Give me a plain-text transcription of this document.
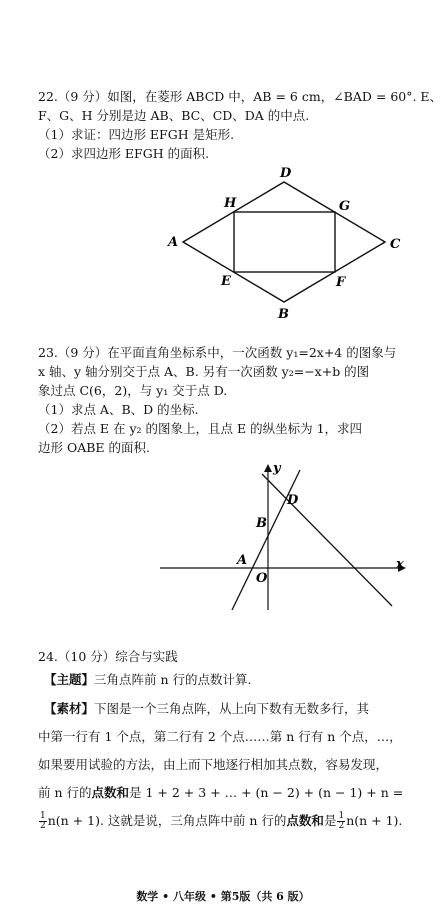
22.（9 分）如图，在菱形 ABCD 中，AB = 6 cm，∠BAD = 60°. E、
F、G、H 分别是边 AB、BC、CD、DA 的中点.
（1）求证：四边形 EFGH 是矩形.
（2）求四边形 EFGH 的面积.
D
H	G
A	C
E	F
B
23.（9 分）在平面直角坐标系中，一次函数 y₁=2x+4 的图象与
x 轴、y 轴分别交于点 A、B. 另有一次函数 y₂=−x+b 的图
象过点 C(6，2)，与 y₁ 交于点 D.
（1）求点 A、B、D 的坐标.
（2）若点 E 在 y₂ 的图象上，且点 E 的纵坐标为 1，求四
边形 OABE 的面积.
y
x
D
B
A
O
24.（10 分）综合与实践
【主题】三角点阵前 n 行的点数计算.
【素材】下图是一个三角点阵，从上向下数有无数多行，其
中第一行有 1 个点，第二行有 2 个点……第 n 行有 n 个点，…，
如果要用试验的方法，由上而下地逐行相加其点数，容易发现，
前 n 行的点数和是 1 + 2 + 3 + … + (n − 2) + (n − 1) + n =
$\frac{1}{2} n(n + 1)$. 这就是说，三角点阵中前 n 行的点数和是 $\frac{1}{2} n(n + 1)$.
数学 • 八年级 • 第5版（共 6 版）
